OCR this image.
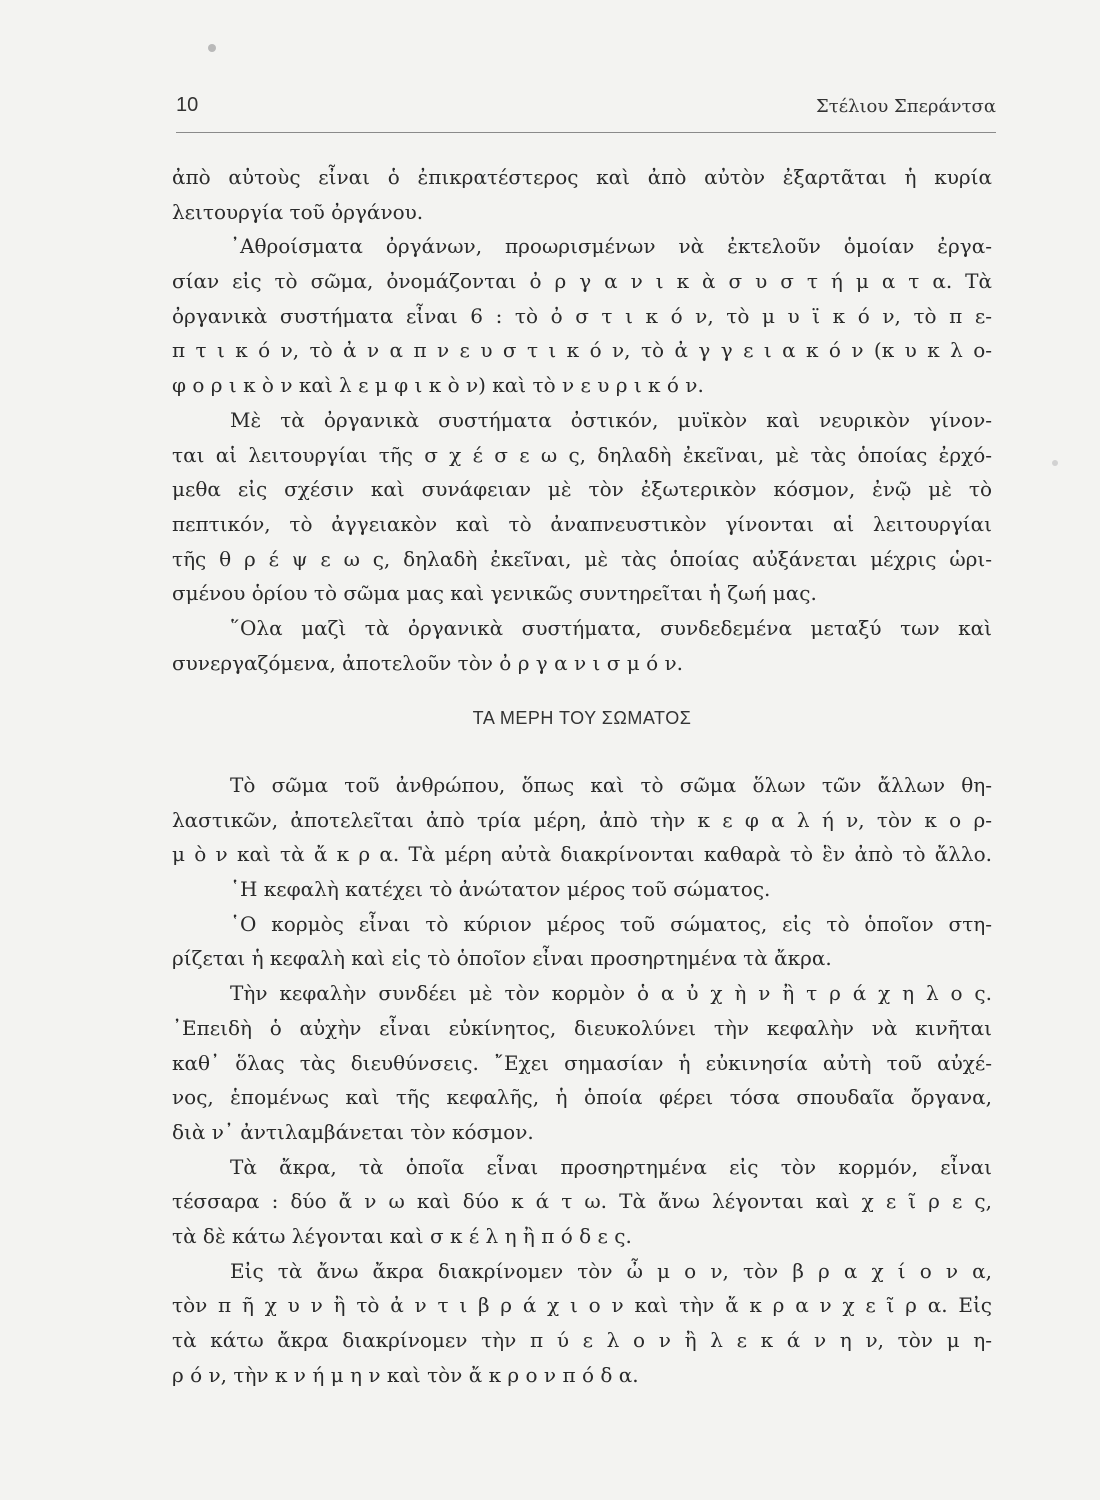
10	Στέλιου Σπεράντσα
ἀπὸ αὐτοὺς εἶναι ὁ ἐπικρατέστερος καὶ ἀπὸ αὐτὸν ἐξαρτᾶται ἡ κυρία
λειτουργία τοῦ ὀργάνου.
᾿Αθροίσματα ὀργάνων, προωρισμένων νὰ ἐκτελοῦν ὁμοίαν ἐργα-
σίαν εἰς τὸ σῶμα, ὀνομάζονται ὀ ρ γ α ν ι κ ὰ σ υ σ τ ή μ α τ α. Τὰ
ὀργανικὰ συστήματα εἶναι 6 : τὸ ὀ σ τ ι κ ό ν, τὸ μ υ ϊ κ ό ν, τὸ π ε-
π τ ι κ ό ν, τὸ ἀ ν α π ν ε υ σ τ ι κ ό ν, τὸ ἀ γ γ ε ι α κ ό ν (κ υ κ λ ο-
φ ο ρ ι κ ὸ ν καὶ λ ε μ φ ι κ ὸ ν) καὶ τὸ ν ε υ ρ ι κ ό ν.
Μὲ τὰ ὀργανικὰ συστήματα ὀστικόν, μυϊκὸν καὶ νευρικὸν γίνον-
ται αἱ λειτουργίαι τῆς σ χ έ σ ε ω ς, δηλαδὴ ἐκεῖναι, μὲ τὰς ὁποίας ἐρχό-
μεθα εἰς σχέσιν καὶ συνάφειαν μὲ τὸν ἐξωτερικὸν κόσμον, ἐνῷ μὲ τὸ
πεπτικόν, τὸ ἀγγειακὸν καὶ τὸ ἀναπνευστικὸν γίνονται αἱ λειτουργίαι
τῆς θ ρ έ ψ ε ω ς, δηλαδὴ ἐκεῖναι, μὲ τὰς ὁποίας αὐξάνεται μέχρις ὡρι-
σμένου ὁρίου τὸ σῶμα μας καὶ γενικῶς συντηρεῖται ἡ ζωή μας.
῞Ολα μαζὶ τὰ ὀργανικὰ συστήματα, συνδεδεμένα μεταξύ των καὶ
συνεργαζόμενα, ἀποτελοῦν τὸν ὀ ρ γ α ν ι σ μ ό ν.
ΤΑ ΜΕΡΗ ΤΟΥ ΣΩΜΑΤΟΣ
Τὸ σῶμα τοῦ ἀνθρώπου, ὅπως καὶ τὸ σῶμα ὅλων τῶν ἄλλων θη-
λαστικῶν, ἀποτελεῖται ἀπὸ τρία μέρη, ἀπὸ τὴν κ ε φ α λ ή ν, τὸν κ ο ρ-
μ ὸ ν καὶ τὰ ἄ κ ρ α. Τὰ μέρη αὐτὰ διακρίνονται καθαρὰ τὸ ἓν ἀπὸ τὸ ἄλλο.
῾Η κεφαλὴ κατέχει τὸ ἀνώτατον μέρος τοῦ σώματος.
῾Ο κορμὸς εἶναι τὸ κύριον μέρος τοῦ σώματος, εἰς τὸ ὁποῖον στη-
ρίζεται ἡ κεφαλὴ καὶ εἰς τὸ ὁποῖον εἶναι προσηρτημένα τὰ ἄκρα.
Τὴν κεφαλὴν συνδέει μὲ τὸν κορμὸν ὁ α ὐ χ ὴ ν ἢ τ ρ ά χ η λ ο ς.
᾿Επειδὴ ὁ αὐχὴν εἶναι εὐκίνητος, διευκολύνει τὴν κεφαλὴν νὰ κινῆται
καθ᾿ ὅλας τὰς διευθύνσεις. ῎Εχει σημασίαν ἡ εὐκινησία αὐτὴ τοῦ αὐχέ-
νος, ἑπομένως καὶ τῆς κεφαλῆς, ἡ ὁποία φέρει τόσα σπουδαῖα ὄργανα,
διὰ ν᾿ ἀντιλαμβάνεται τὸν κόσμον.
Τὰ ἄκρα, τὰ ὁποῖα εἶναι προσηρτημένα εἰς τὸν κορμόν, εἶναι
τέσσαρα : δύο ἄ ν ω καὶ δύο κ ά τ ω. Τὰ ἄνω λέγονται καὶ χ ε ῖ ρ ε ς,
τὰ δὲ κάτω λέγονται καὶ σ κ έ λ η ἢ π ό δ ε ς.
Εἰς τὰ ἄνω ἄκρα διακρίνομεν τὸν ὦ μ ο ν, τὸν β ρ α χ ί ο ν α,
τὸν π ῆ χ υ ν ἢ τὸ ἀ ν τ ι β ρ ά χ ι ο ν καὶ τὴν ἄ κ ρ α ν χ ε ῖ ρ α. Εἰς
τὰ κάτω ἄκρα διακρίνομεν τὴν π ύ ε λ ο ν ἢ λ ε κ ά ν η ν, τὸν μ η-
ρ ό ν, τὴν κ ν ή μ η ν καὶ τὸν ἄ κ ρ ο ν π ό δ α.
